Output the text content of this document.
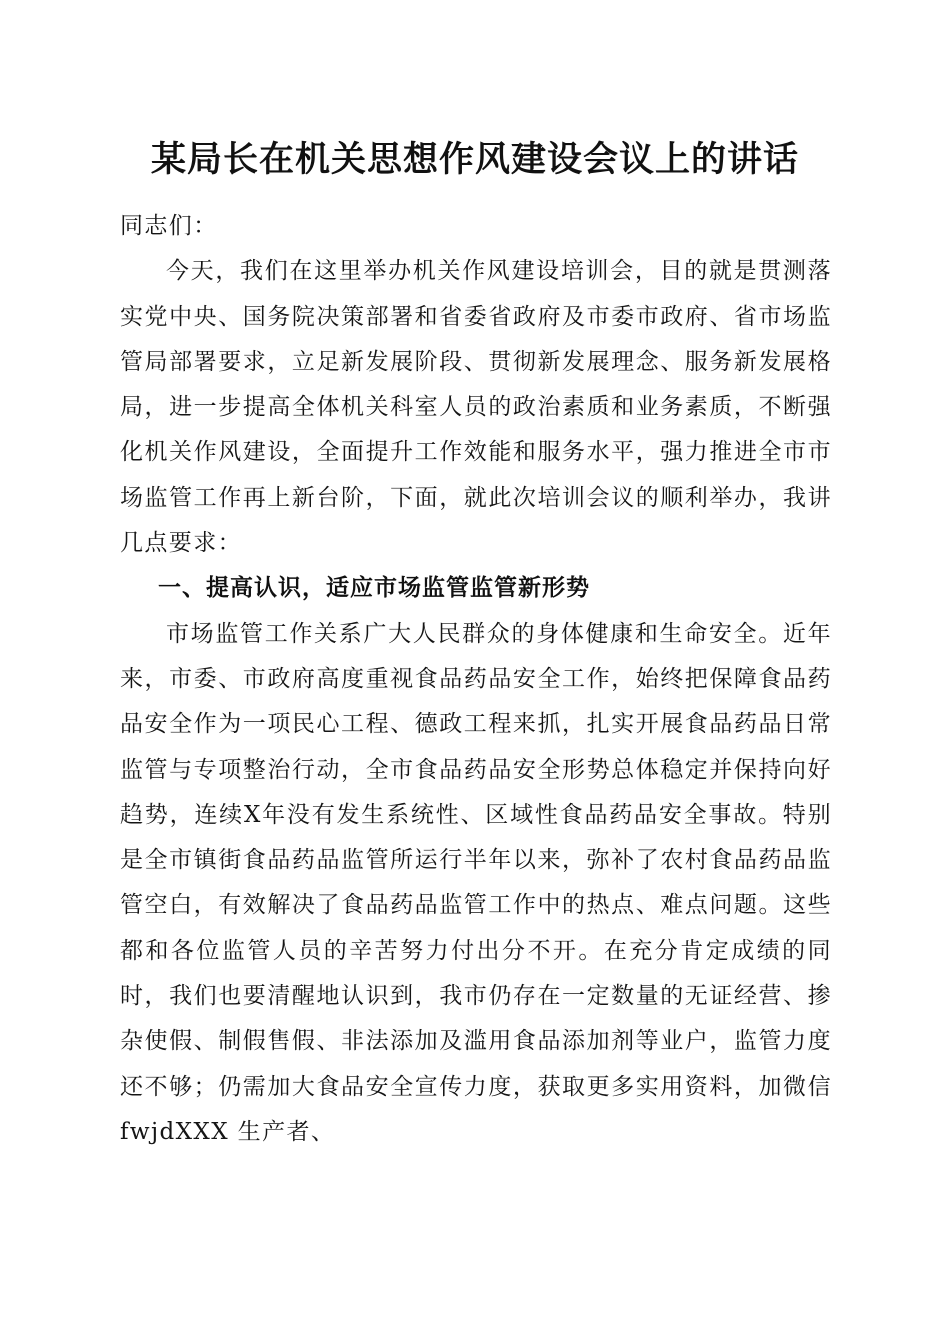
某局长在机关思想作风建设会议上的讲话

同志们：

今天，我们在这里举办机关作风建设培训会，目的就是贯测落实党中央、国务院决策部署和省委省政府及市委市政府、省市场监管局部署要求，立足新发展阶段、贯彻新发展理念、服务新发展格局，进一步提高全体机关科室人员的政治素质和业务素质，不断强化机关作风建设，全面提升工作效能和服务水平，强力推进全市市场监管工作再上新台阶，下面，就此次培训会议的顺利举办，我讲几点要求：

一、提高认识，适应市场监管监管新形势

市场监管工作关系广大人民群众的身体健康和生命安全。近年来，市委、市政府高度重视食品药品安全工作，始终把保障食品药品安全作为一项民心工程、德政工程来抓，扎实开展食品药品日常监管与专项整治行动，全市食品药品安全形势总体稳定并保持向好趋势，连续X年没有发生系统性、区域性食品药品安全事故。特别是全市镇街食品药品监管所运行半年以来，弥补了农村食品药品监管空白，有效解决了食品药品监管工作中的热点、难点问题。这些都和各位监管人员的辛苦努力付出分不开。在充分肯定成绩的同时，我们也要清醒地认识到，我市仍存在一定数量的无证经营、掺杂使假、制假售假、非法添加及滥用食品添加剂等业户，监管力度还不够；仍需加大食品安全宣传力度，获取更多实用资料，加微信 fwjdXXX 生产者、
